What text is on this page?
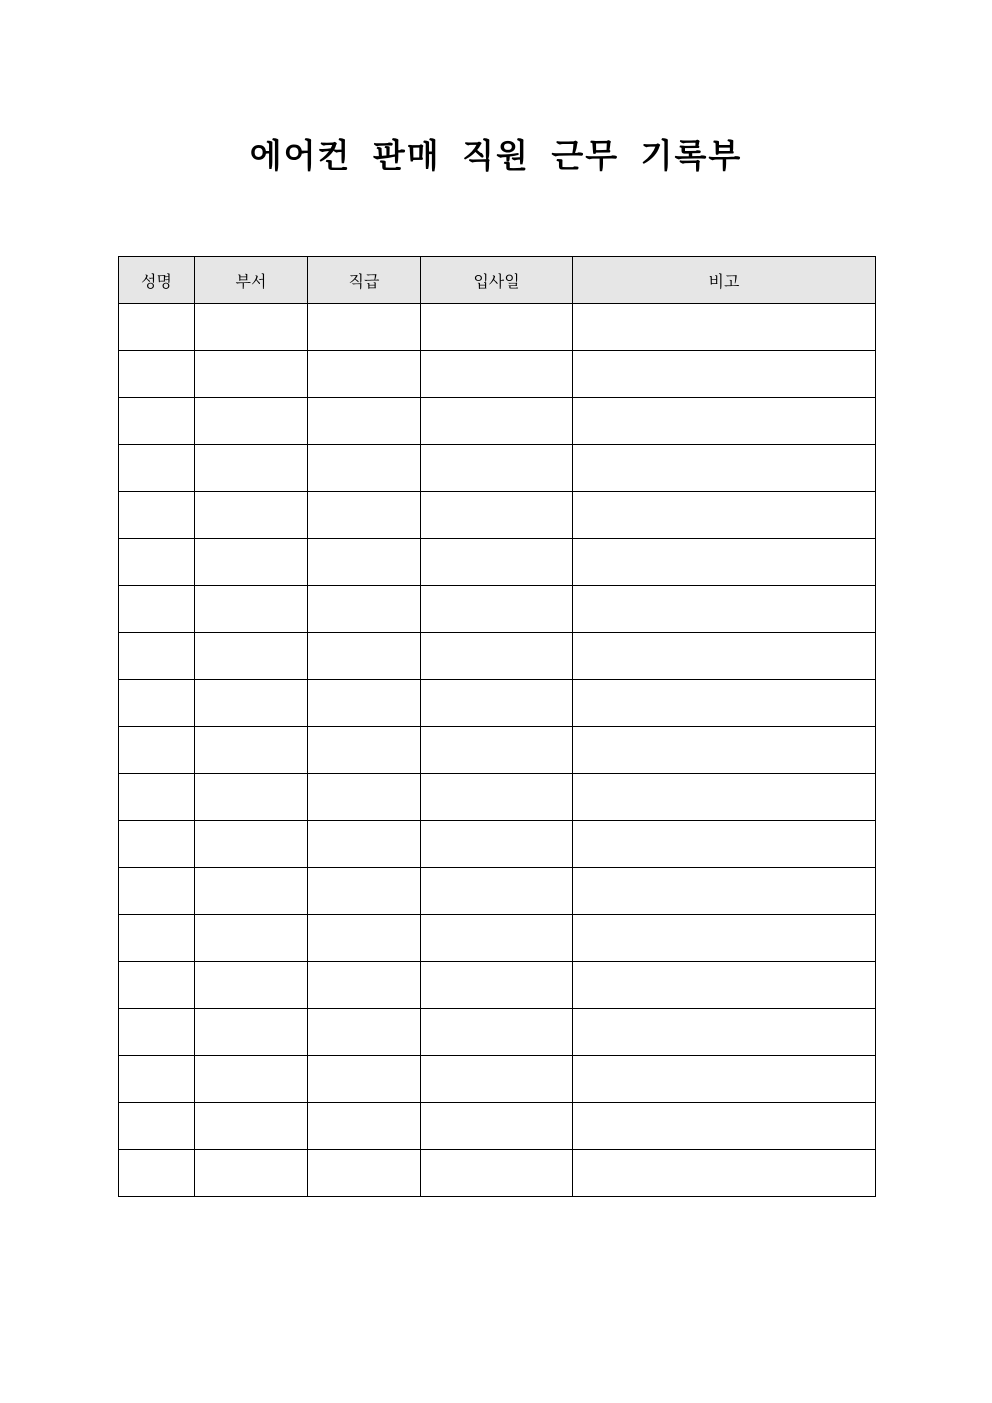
에어컨 판매 직원 근무 기록부
성명	부서	직급	입사일	비고
